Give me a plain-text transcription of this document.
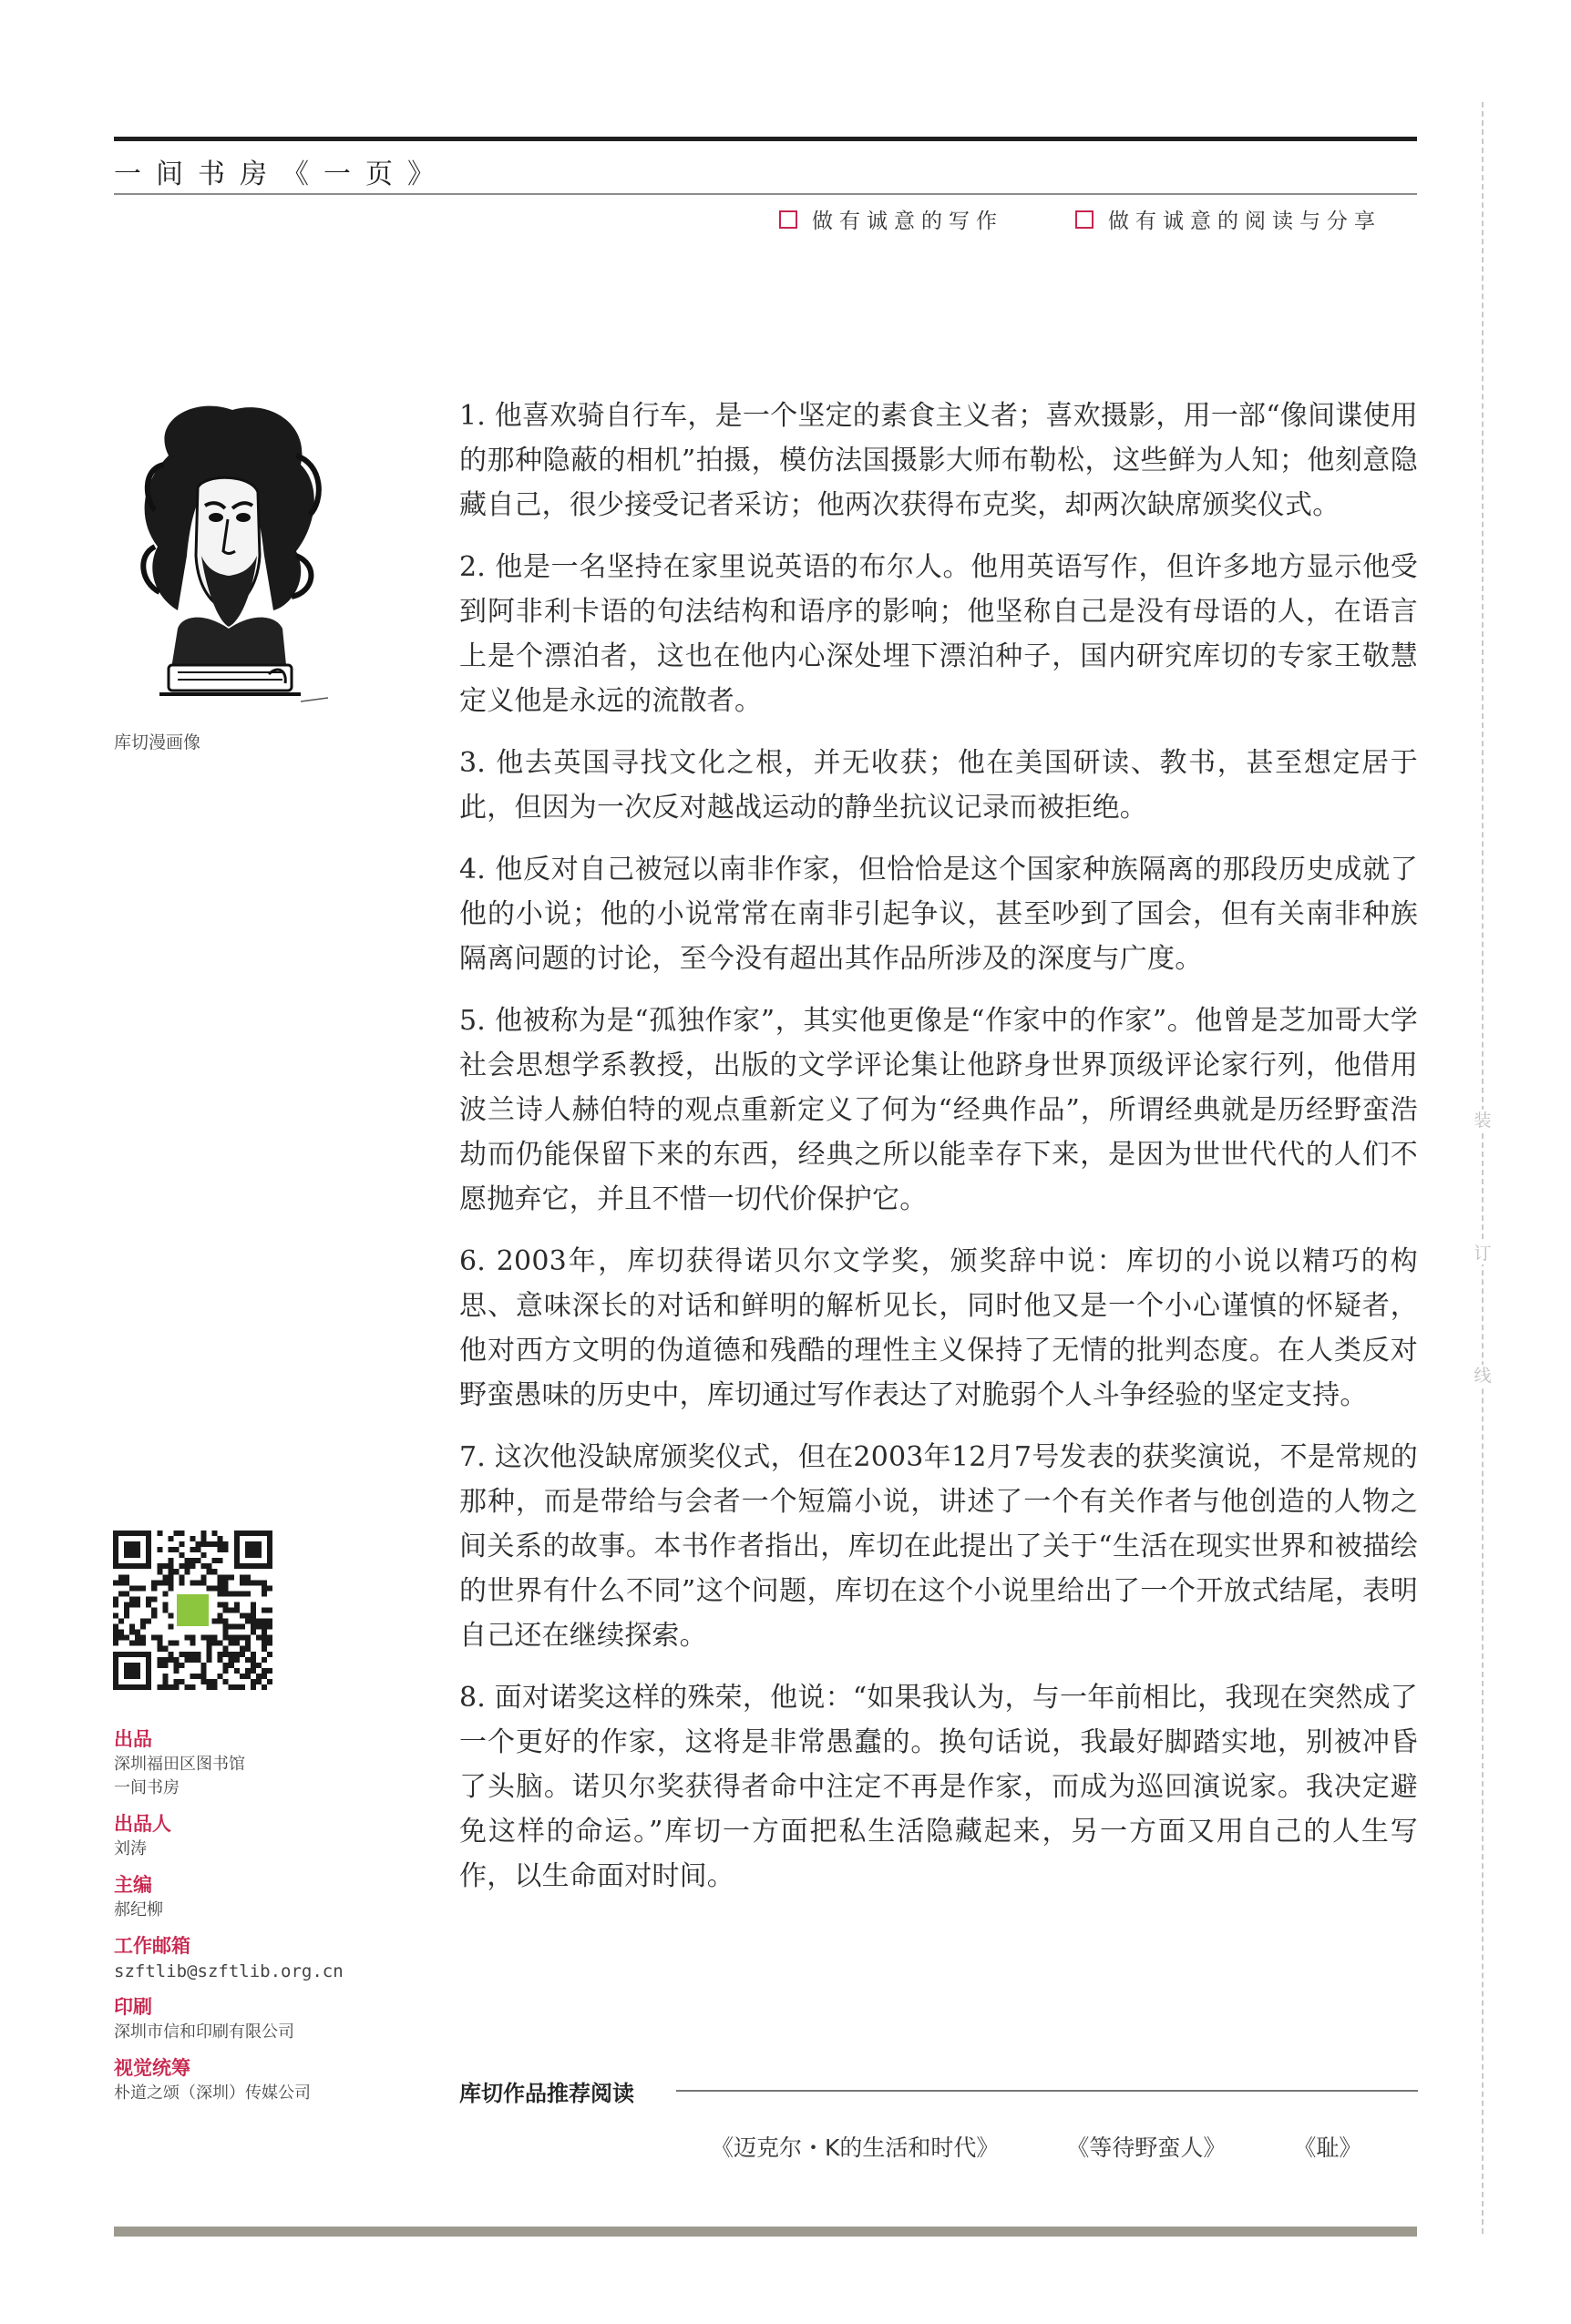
一间书房《一页》
做有诚意的写作	做有诚意的阅读与分享
装
订
线
库切漫画像
出品
深圳福田区图书馆
一间书房
出品人
刘涛
主编
郝纪柳
工作邮箱
szftlib@szftlib.org.cn
印刷
深圳市信和印刷有限公司
视觉统筹
朴道之颂（深圳）传媒公司

1. 他喜欢骑自行车，是一个坚定的素食主义者；喜欢摄影，用一部“像间谍使用的那种隐蔽的相机”拍摄，模仿法国摄影大师布勒松，这些鲜为人知；他刻意隐藏自己，很少接受记者采访；他两次获得布克奖，却两次缺席颁奖仪式。

2. 他是一名坚持在家里说英语的布尔人。他用英语写作，但许多地方显示他受到阿非利卡语的句法结构和语序的影响；他坚称自己是没有母语的人，在语言上是个漂泊者，这也在他内心深处埋下漂泊种子，国内研究库切的专家王敬慧定义他是永远的流散者。

3. 他去英国寻找文化之根，并无收获；他在美国研读、教书，甚至想定居于此，但因为一次反对越战运动的静坐抗议记录而被拒绝。

4. 他反对自己被冠以南非作家，但恰恰是这个国家种族隔离的那段历史成就了他的小说；他的小说常常在南非引起争议，甚至吵到了国会，但有关南非种族隔离问题的讨论，至今没有超出其作品所涉及的深度与广度。

5. 他被称为是“孤独作家”，其实他更像是“作家中的作家”。他曾是芝加哥大学社会思想学系教授，出版的文学评论集让他跻身世界顶级评论家行列，他借用波兰诗人赫伯特的观点重新定义了何为“经典作品”，所谓经典就是历经野蛮浩劫而仍能保留下来的东西，经典之所以能幸存下来，是因为世世代代的人们不愿抛弃它，并且不惜一切代价保护它。

6. 2003年，库切获得诺贝尔文学奖，颁奖辞中说：库切的小说以精巧的构思、意味深长的对话和鲜明的解析见长，同时他又是一个小心谨慎的怀疑者，他对西方文明的伪道德和残酷的理性主义保持了无情的批判态度。在人类反对野蛮愚味的历史中，库切通过写作表达了对脆弱个人斗争经验的坚定支持。

7. 这次他没缺席颁奖仪式，但在2003年12月7号发表的获奖演说，不是常规的那种，而是带给与会者一个短篇小说，讲述了一个有关作者与他创造的人物之间关系的故事。本书作者指出，库切在此提出了关于“生活在现实世界和被描绘的世界有什么不同”这个问题，库切在这个小说里给出了一个开放式结尾，表明自己还在继续探索。

8. 面对诺奖这样的殊荣，他说：“如果我认为，与一年前相比，我现在突然成了一个更好的作家，这将是非常愚蠢的。换句话说，我最好脚踏实地，别被冲昏了头脑。诺贝尔奖获得者命中注定不再是作家，而成为巡回演说家。我决定避免这样的命运。”库切一方面把私生活隐藏起来，另一方面又用自己的人生写作，以生命面对时间。

库切作品推荐阅读
《迈克尔・K的生活和时代》	《等待野蛮人》	《耻》
